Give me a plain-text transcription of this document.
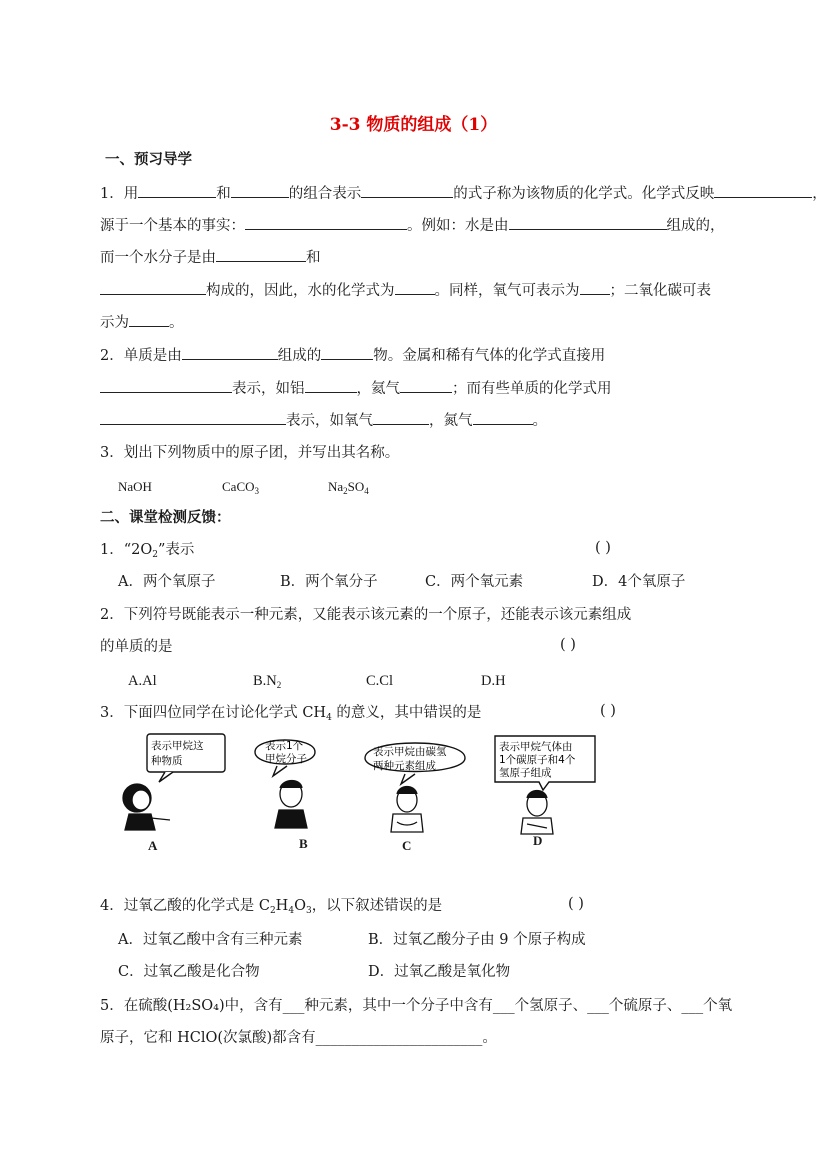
3-3 物质的组成（1）
一、预习导学
1．用	和	的组合表示	的式子称为该物质的化学式。化学式反映	，
源于一个基本的事实：	。例如：水是由	组成的，
而一个水分子是由	和
构成的，因此，水的化学式为	。同样，氧气可表示为 ；二氧化碳可表
示为	。
2．单质是由	组成的	物。金属和稀有气体的化学式直接用
表示，如铝	，氦气	；而有些单质的化学式用
表示，如氧气	，氮气	。
3．划出下列物质中的原子团，并写出其名称。
NaOH	CaCO$_3$	$Na_2SO_4$
二、课堂检测反馈：
1．“$2O_2$”表示	( )
A．两个氧原子	B．两个氧分子	C．两个氧元素	D．4个氧原子
2．下列符号既能表示一种元素，又能表示该元素的一个原子，还能表示该元素组成
的单质的是	( )
A.Al	$B.N_2$	C.Cl	D.H
3．下面四位同学在讨论化学式 $CH_4$ 的意义，其中错误的是	( )
表示甲烷这
种物质
表示1个
甲烷分子
表示甲烷由碳氢
两种元素组成
表示甲烷气体由
1个碳原子和4个
氢原子组成
A	B	C	D
4．过氧乙酸的化学式是 $C_2H_4O_3$，以下叙述错误的是	( )
A．过氧乙酸中含有三种元素	B．过氧乙酸分子由 9 个原子构成
C．过氧乙酸是化合物	D．过氧乙酸是氧化物
5．在硫酸(H₂SO₄)中，含有___种元素，其中一个分子中含有___个氢原子、___个硫原子、___个氧
原子，它和 HClO(次氯酸)都含有_______________________。
